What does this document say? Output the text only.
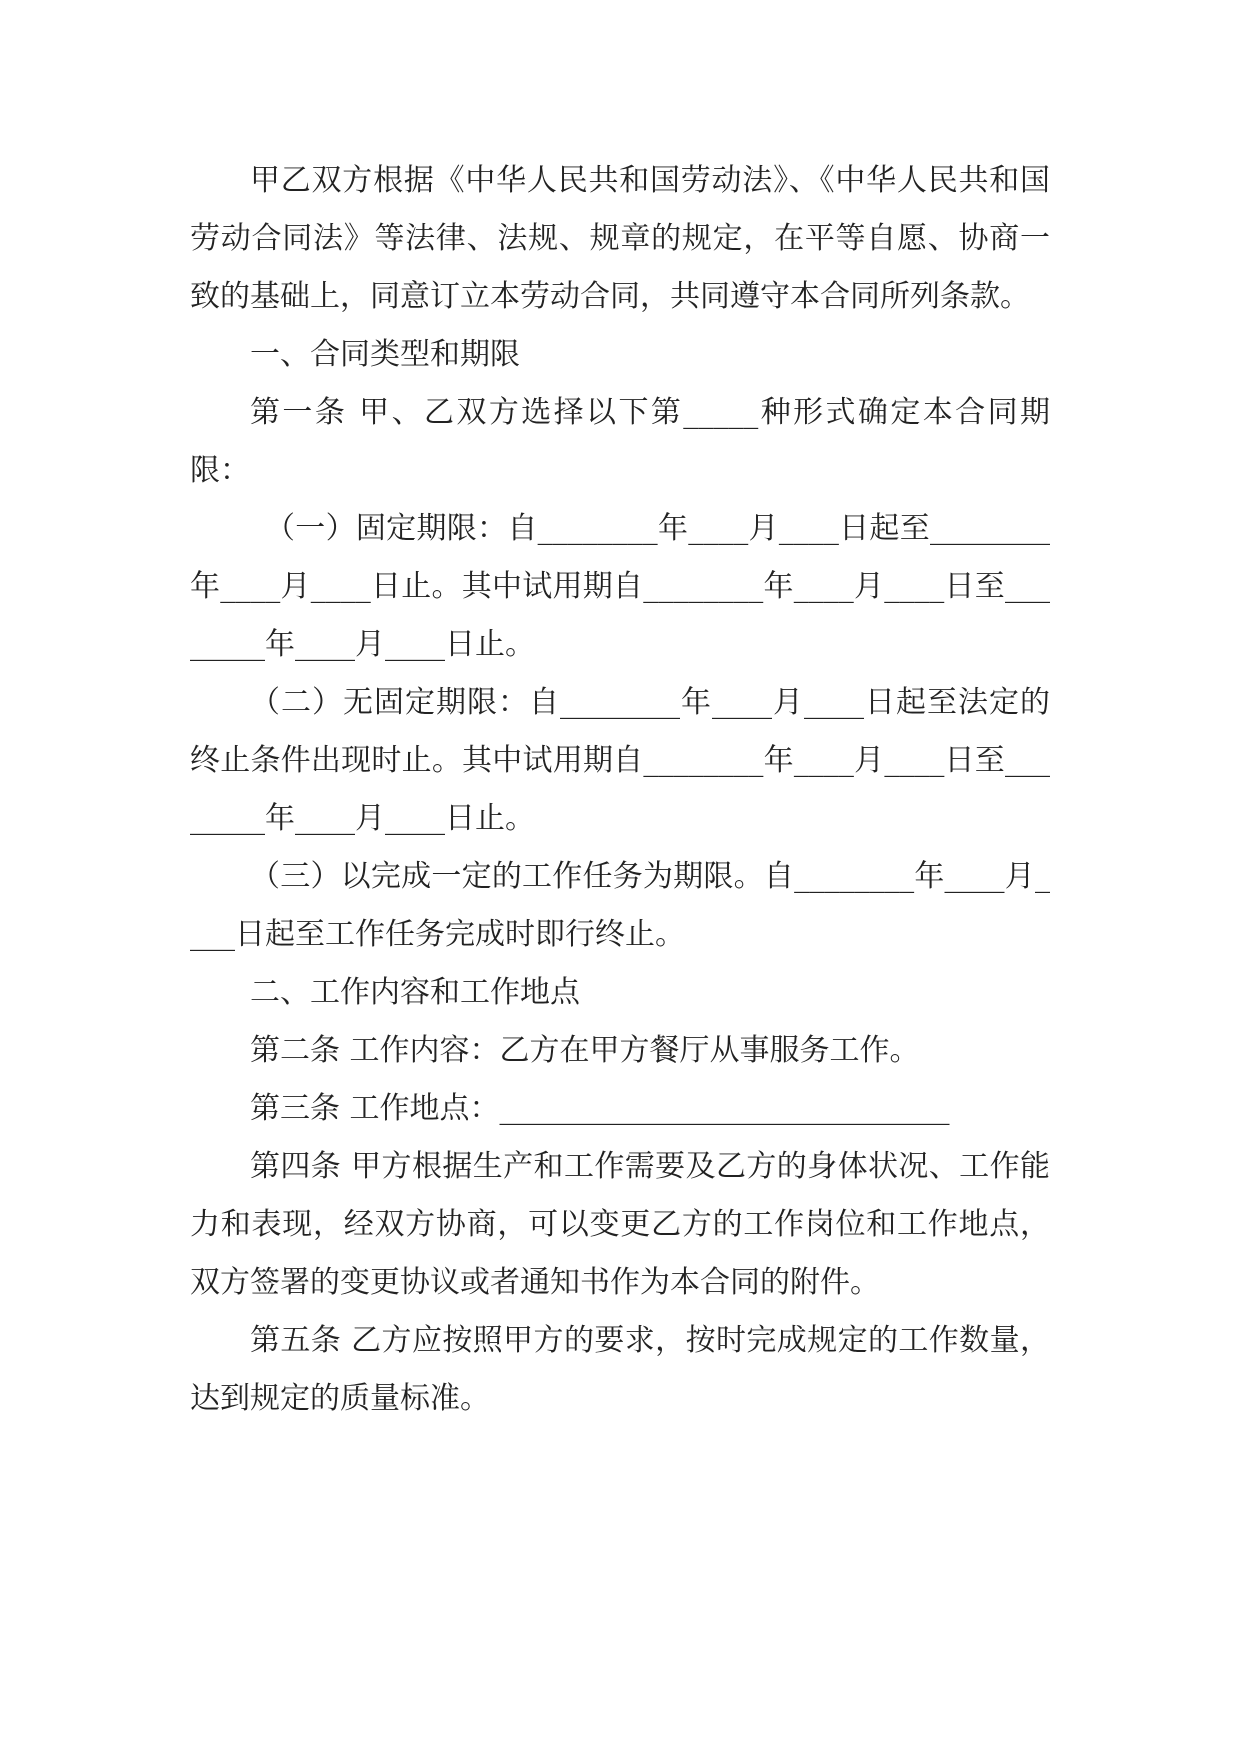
甲乙双方根据《中华人民共和国劳动法》、《中华人民共和国劳动合同法》等法律、法规、规章的规定，在平等自愿、协商一致的基础上，同意订立本劳动合同，共同遵守本合同所列条款。

一、合同类型和期限

第一条 甲、乙双方选择以下第_____种形式确定本合同期限：

（一）固定期限：自________年____月____日起至________年____月____日止。其中试用期自________年____月____日至________年____月____日止。

（二）无固定期限：自________年____月____日起至法定的终止条件出现时止。其中试用期自________年____月____日至________年____月____日止。

（三）以完成一定的工作任务为期限。自________年____月____日起至工作任务完成时即行终止。

二、工作内容和工作地点

第二条 工作内容：乙方在甲方餐厅从事服务工作。

第三条 工作地点：______________________________

第四条 甲方根据生产和工作需要及乙方的身体状况、工作能力和表现，经双方协商，可以变更乙方的工作岗位和工作地点，双方签署的变更协议或者通知书作为本合同的附件。

第五条 乙方应按照甲方的要求，按时完成规定的工作数量，达到规定的质量标准。
